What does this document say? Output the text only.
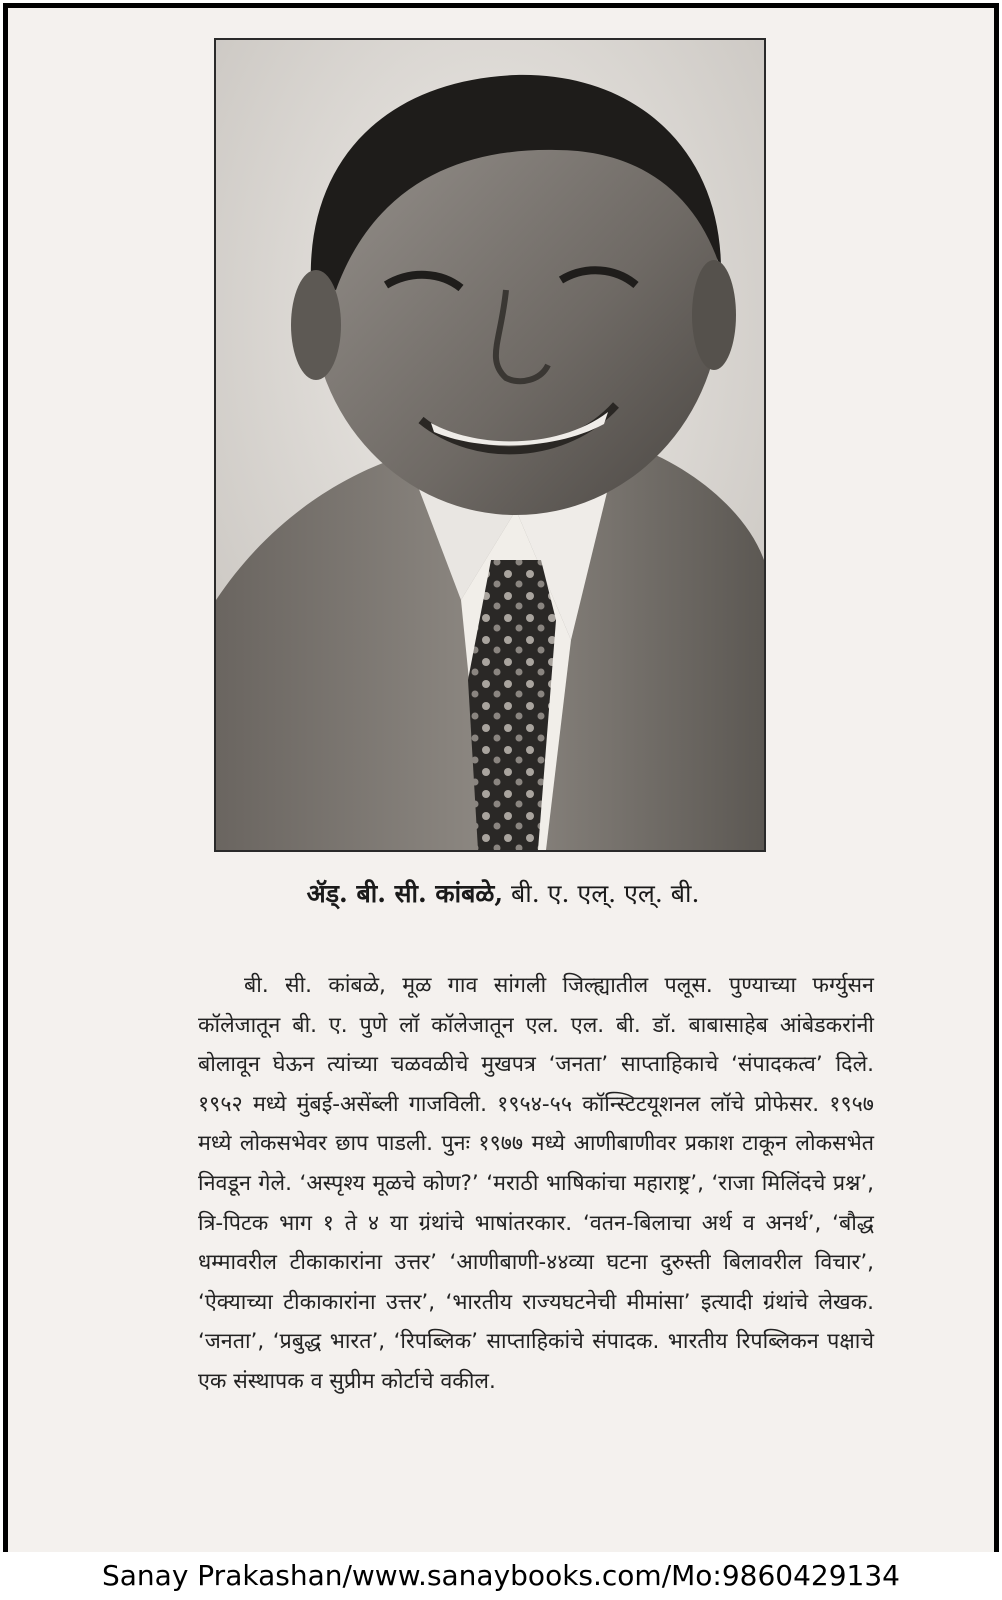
ॲड्. बी. सी. कांबळे, बी. ए. एल्. एल्. बी.

बी. सी. कांबळे, मूळ गाव सांगली जिल्ह्यातील पलूस. पुण्याच्या फर्ग्युसन कॉलेजातून बी. ए. पुणे लॉ कॉलेजातून एल. एल. बी. डॉ. बाबासाहेब आंबेडकरांनी बोलावून घेऊन त्यांच्या चळवळीचे मुखपत्र ‘जनता’ साप्ताहिकाचे ‘संपादकत्व’ दिले. १९५२ मध्ये मुंबई-असेंब्ली गाजविली. १९५४-५५ कॉन्स्टिटयूशनल लॉचे प्रोफेसर. १९५७ मध्ये लोकसभेवर छाप पाडली. पुनः १९७७ मध्ये आणीबाणीवर प्रकाश टाकून लोकसभेत निवडून गेले. ‘अस्पृश्य मूळचे कोण?’ ‘मराठी भाषिकांचा महाराष्ट्र’, ‘राजा मिलिंदचे प्रश्न’, त्रि-पिटक भाग १ ते ४ या ग्रंथांचे भाषांतरकार. ‘वतन-बिलाचा अर्थ व अनर्थ’, ‘बौद्ध धम्मावरील टीकाकारांना उत्तर’ ‘आणीबाणी-४४व्या घटना दुरुस्ती बिलावरील विचार’, ‘ऐक्याच्या टीकाकारांना उत्तर’, ‘भारतीय राज्यघटनेची मीमांसा’ इत्यादी ग्रंथांचे लेखक. ‘जनता’, ‘प्रबुद्ध भारत’, ‘रिपब्लिक’ साप्ताहिकांचे संपादक. भारतीय रिपब्लिकन पक्षाचे एक संस्थापक व सुप्रीम कोर्टाचे वकील.

Sanay Prakashan/www.sanaybooks.com/Mo:9860429134
